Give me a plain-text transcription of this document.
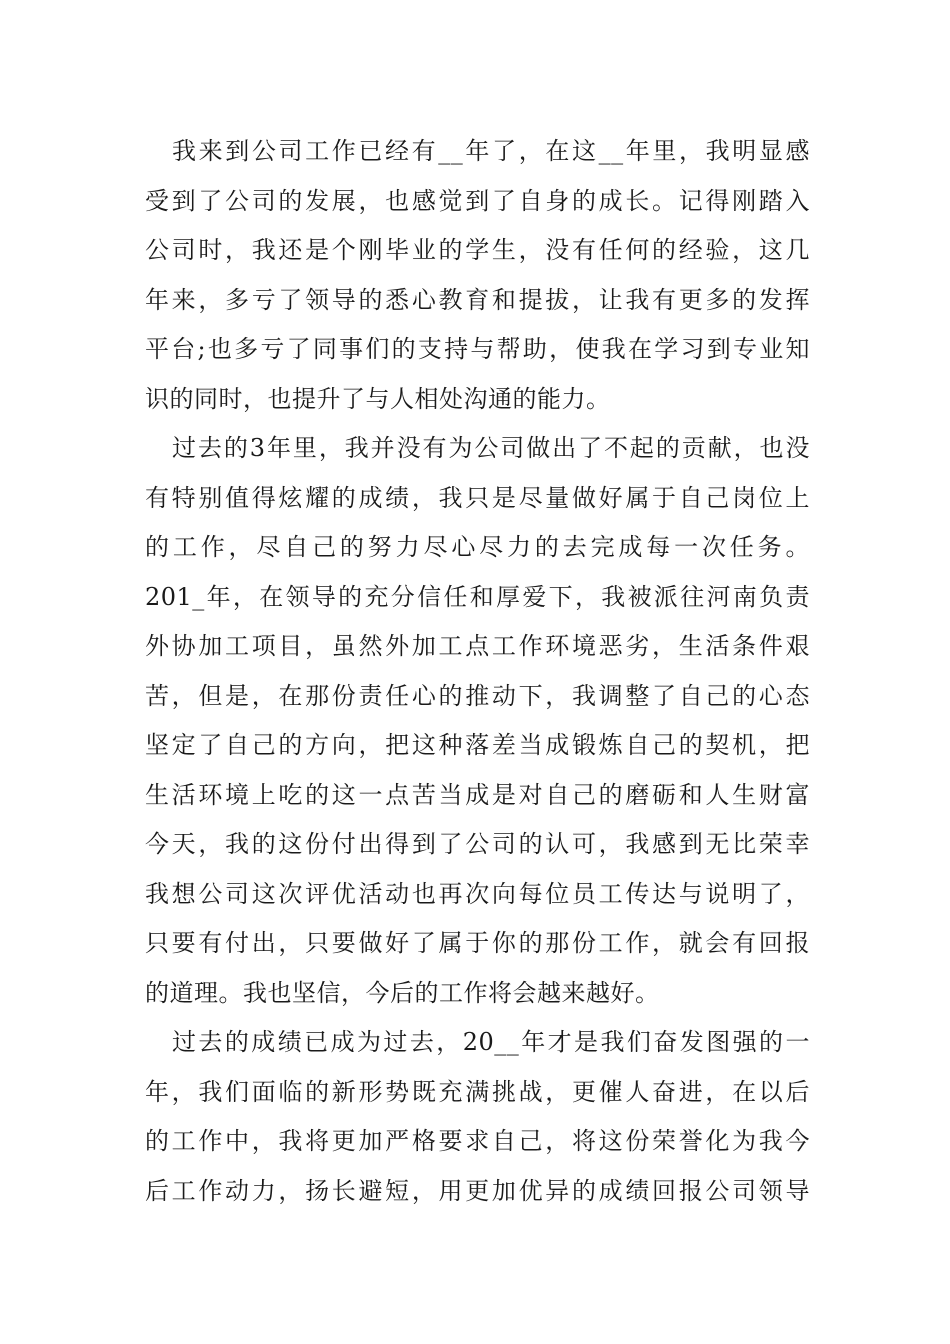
我来到公司工作已经有__年了，在这__年里，我明显感
受到了公司的发展，也感觉到了自身的成长。记得刚踏入
公司时，我还是个刚毕业的学生，没有任何的经验，这几
年来，多亏了领导的悉心教育和提拔，让我有更多的发挥
平台;也多亏了同事们的支持与帮助，使我在学习到专业知
识的同时，也提升了与人相处沟通的能力。
过去的3年里，我并没有为公司做出了不起的贡献，也没
有特别值得炫耀的成绩，我只是尽量做好属于自己岗位上
的工作，尽自己的努力尽心尽力的去完成每一次任务。
201_年，在领导的充分信任和厚爱下，我被派往河南负责
外协加工项目，虽然外加工点工作环境恶劣，生活条件艰
苦，但是，在那份责任心的推动下，我调整了自己的心态
坚定了自己的方向，把这种落差当成锻炼自己的契机，把
生活环境上吃的这一点苦当成是对自己的磨砺和人生财富
今天，我的这份付出得到了公司的认可，我感到无比荣幸
我想公司这次评优活动也再次向每位员工传达与说明了，
只要有付出，只要做好了属于你的那份工作，就会有回报
的道理。我也坚信，今后的工作将会越来越好。
过去的成绩已成为过去，20__年才是我们奋发图强的一
年，我们面临的新形势既充满挑战，更催人奋进，在以后
的工作中，我将更加严格要求自己，将这份荣誉化为我今
后工作动力，扬长避短，用更加优异的成绩回报公司领导
